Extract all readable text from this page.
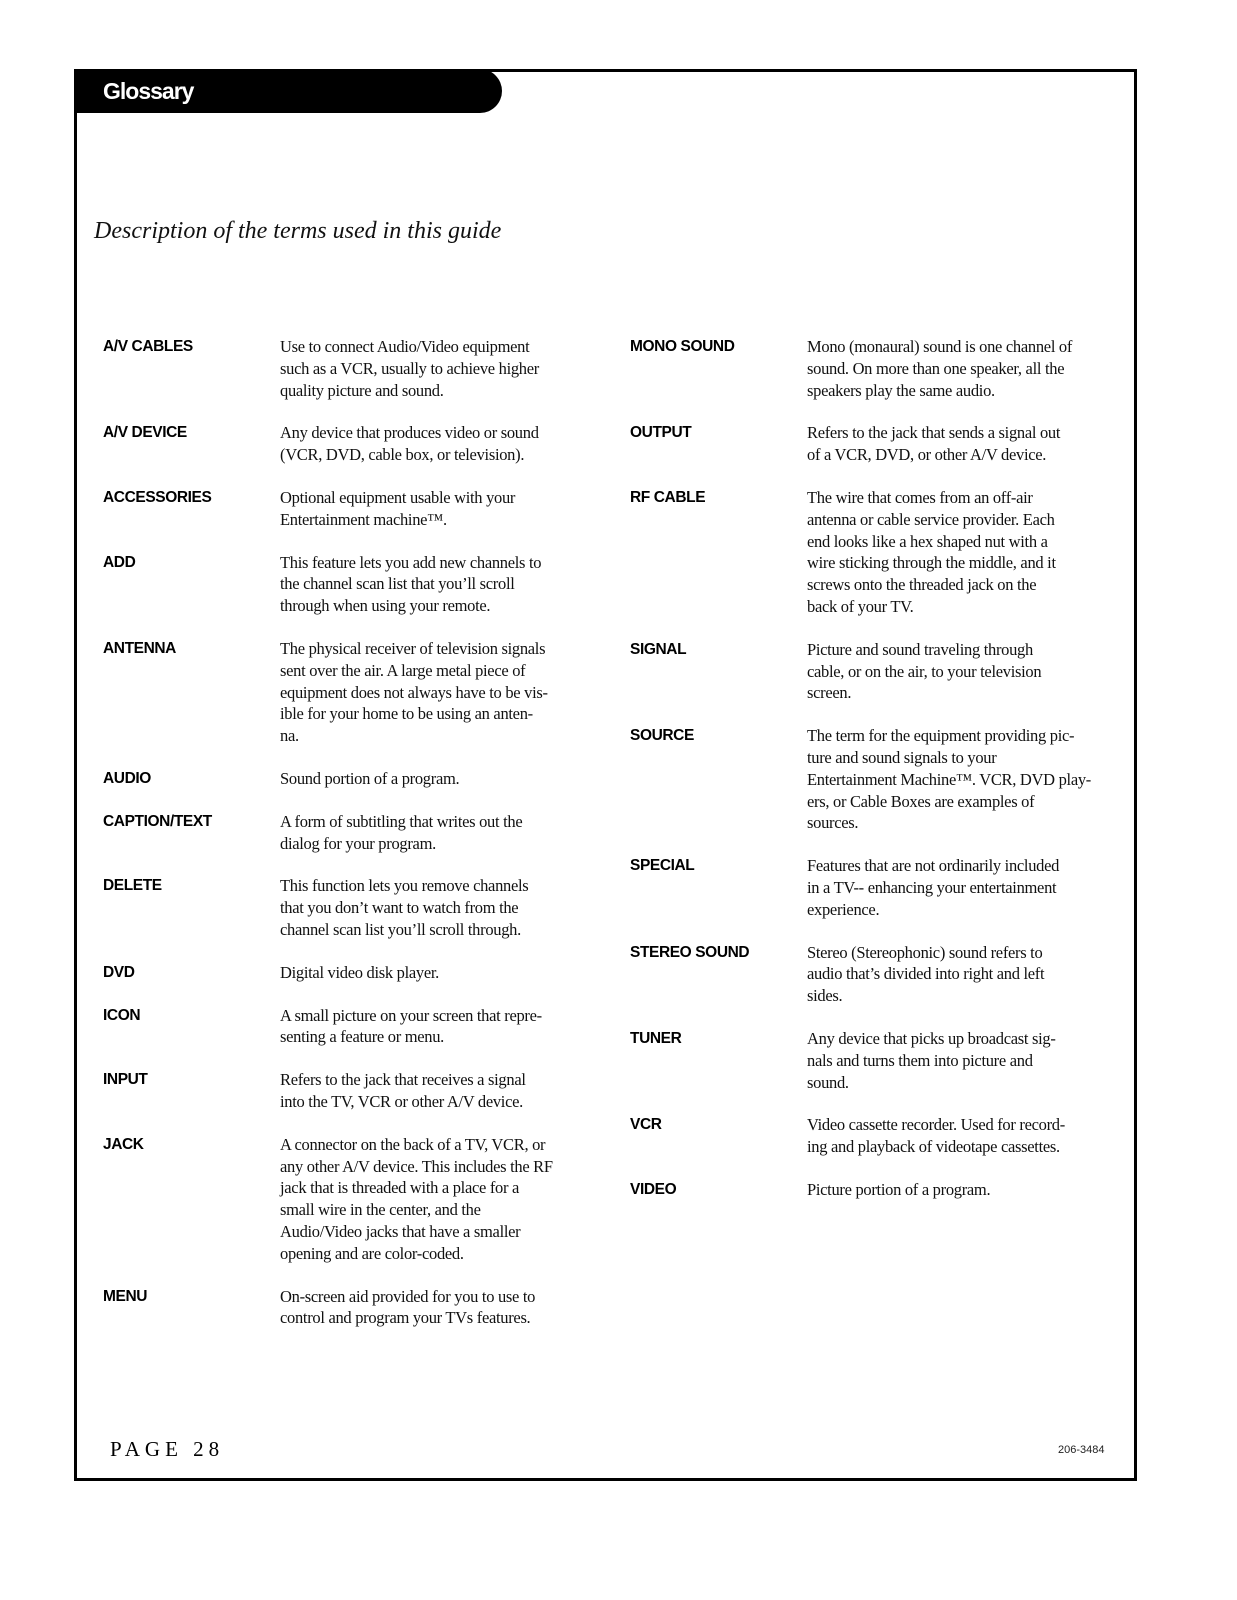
Glossary
Description of the terms used in this guide
A/V CABLES	Use to connect Audio/Video equipment
such as a VCR, usually to achieve higher
quality picture and sound.
A/V DEVICE	Any device that produces video or sound
(VCR, DVD, cable box, or television).
ACCESSORIES	Optional equipment usable with your
Entertainment machine™.
ADD	This feature lets you add new channels to
the channel scan list that you’ll scroll
through when using your remote.
ANTENNA	The physical receiver of television signals
sent over the air. A large metal piece of
equipment does not always have to be vis-
ible for your home to be using an anten-
na.
AUDIO	Sound portion of a program.
CAPTION/TEXT	A form of subtitling that writes out the
dialog for your program.
DELETE	This function lets you remove channels
that you don’t want to watch from the
channel scan list you’ll scroll through.
DVD	Digital video disk player.
ICON	A small picture on your screen that repre-
senting a feature or menu.
INPUT	Refers to the jack that receives a signal
into the TV, VCR or other A/V device.
JACK	A connector on the back of a TV, VCR, or
any other A/V device. This includes the RF
jack that is threaded with a place for a
small wire in the center, and the
Audio/Video jacks that have a smaller
opening and are color-coded.
MENU	On-screen aid provided for you to use to
control and program your TVs features.
MONO SOUND	Mono (monaural) sound is one channel of
sound. On more than one speaker, all the
speakers play the same audio.
OUTPUT	Refers to the jack that sends a signal out
of a VCR, DVD, or other A/V device.
RF CABLE	The wire that comes from an off-air
antenna or cable service provider. Each
end looks like a hex shaped nut with a
wire sticking through the middle, and it
screws onto the threaded jack on the
back of your TV.
SIGNAL	Picture and sound traveling through
cable, or on the air, to your television
screen.
SOURCE	The term for the equipment providing pic-
ture and sound signals to your
Entertainment Machine™. VCR, DVD play-
ers, or Cable Boxes are examples of
sources.
SPECIAL	Features that are not ordinarily included
in a TV-- enhancing your entertainment
experience.
STEREO SOUND	Stereo (Stereophonic) sound refers to
audio that’s divided into right and left
sides.
TUNER	Any device that picks up broadcast sig-
nals and turns them into picture and
sound.
VCR	Video cassette recorder. Used for record-
ing and playback of videotape cassettes.
VIDEO	Picture portion of a program.
PAGE 28	206-3484
